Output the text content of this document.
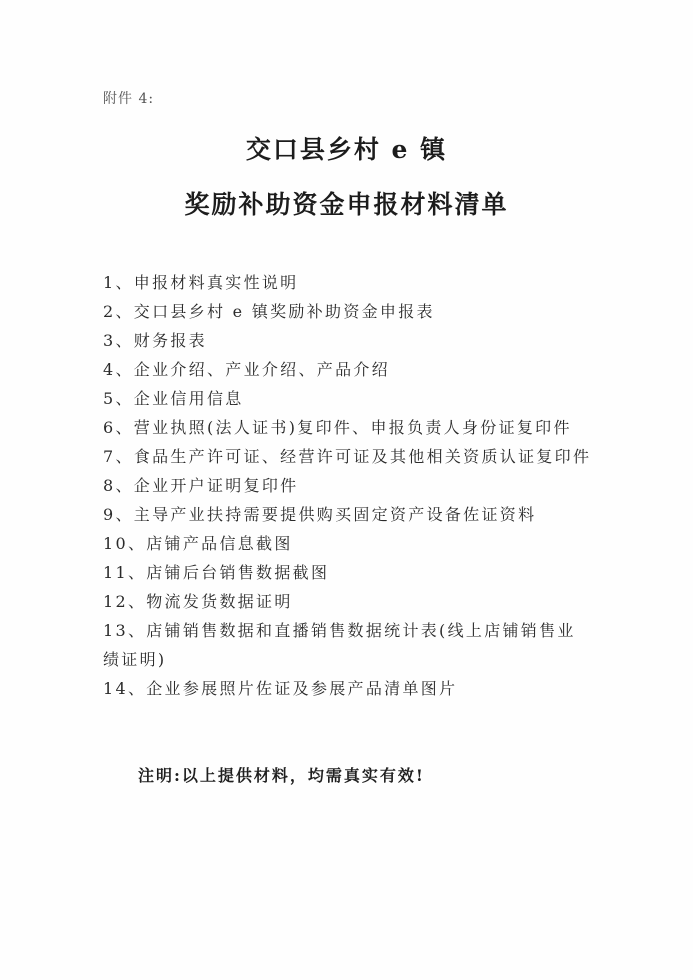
附件 4:
交口县乡村 e 镇
奖励补助资金申报材料清单
1、申报材料真实性说明
2、交口县乡村 e 镇奖励补助资金申报表
3、财务报表
4、企业介绍、产业介绍、产品介绍
5、企业信用信息
6、营业执照(法人证书)复印件、申报负责人身份证复印件
7、食品生产许可证、经营许可证及其他相关资质认证复印件
8、企业开户证明复印件
9、主导产业扶持需要提供购买固定资产设备佐证资料
10、店铺产品信息截图
11、店铺后台销售数据截图
12、物流发货数据证明
13、店铺销售数据和直播销售数据统计表(线上店铺销售业绩证明)
14、企业参展照片佐证及参展产品清单图片
注明:以上提供材料，均需真实有效!
